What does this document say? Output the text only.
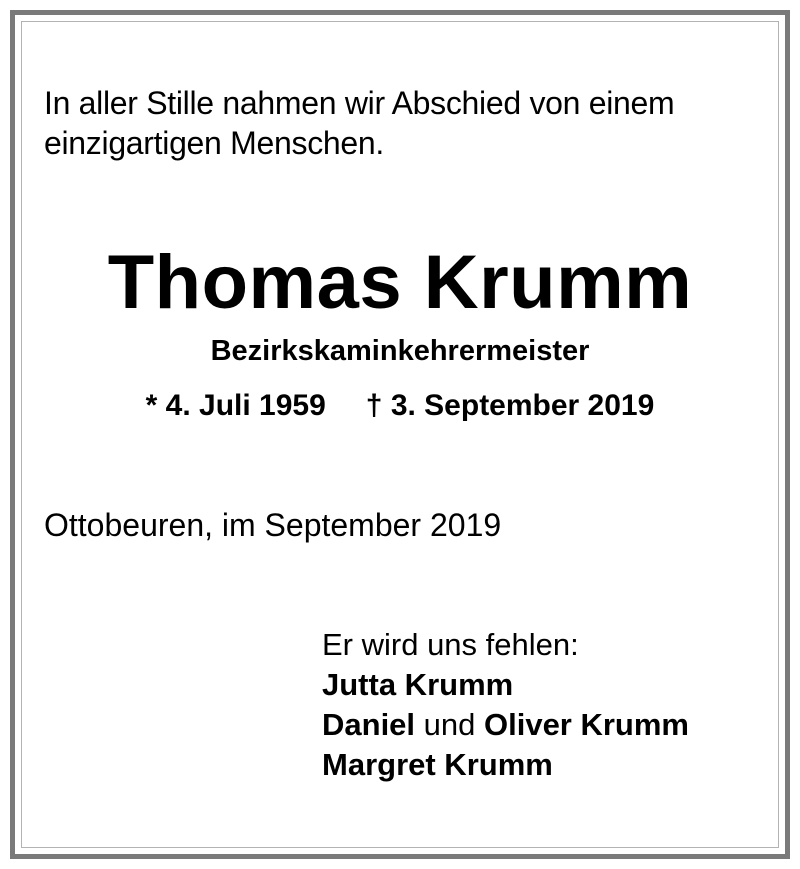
In aller Stille nahmen wir Abschied von einem einzigartigen Menschen.
Thomas Krumm
Bezirkskaminkehrermeister
* 4. Juli 1959 † 3. September 2019
Ottobeuren, im September 2019
Er wird uns fehlen:
Jutta Krumm
Daniel und Oliver Krumm
Margret Krumm
